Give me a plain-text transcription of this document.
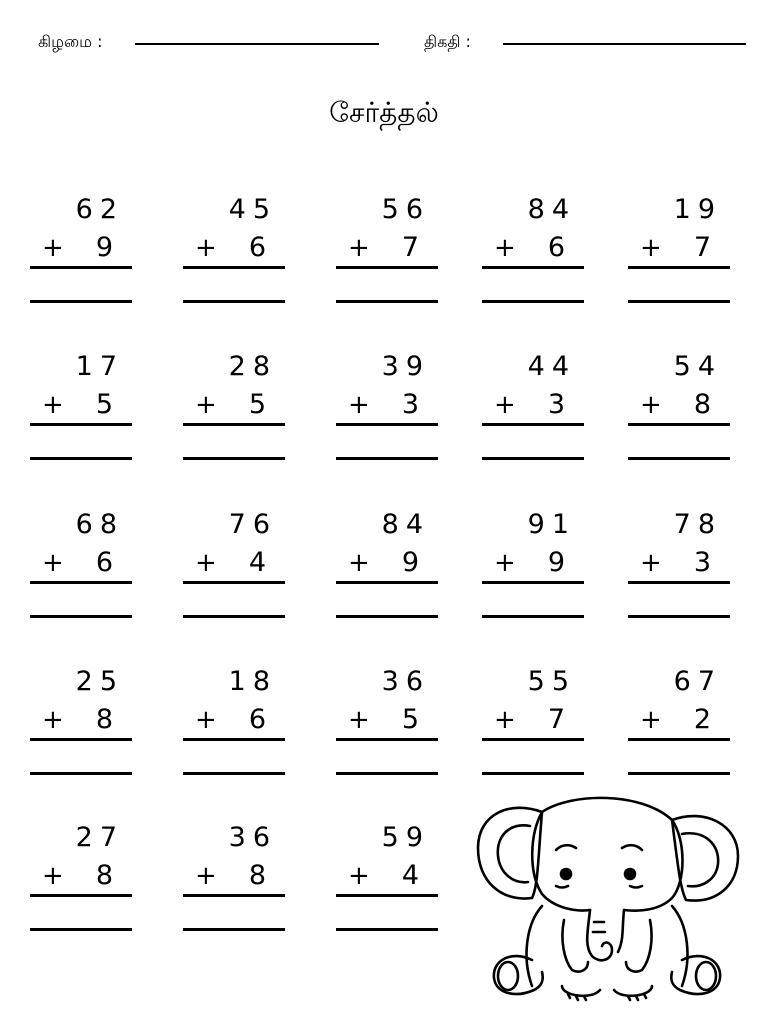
கிழமை :	திகதி :
சேர்த்தல்
62
+ 9
45
+ 6
56
+ 7
84
+ 6
19
+ 7
17
+ 5
28
+ 5
39
+ 3
44
+ 3
54
+ 8
68
+ 6
76
+ 4
84
+ 9
91
+ 9
78
+ 3
25
+ 8
18
+ 6
36
+ 5
55
+ 7
67
+ 2
27
+ 8
36
+ 8
59
+ 4
